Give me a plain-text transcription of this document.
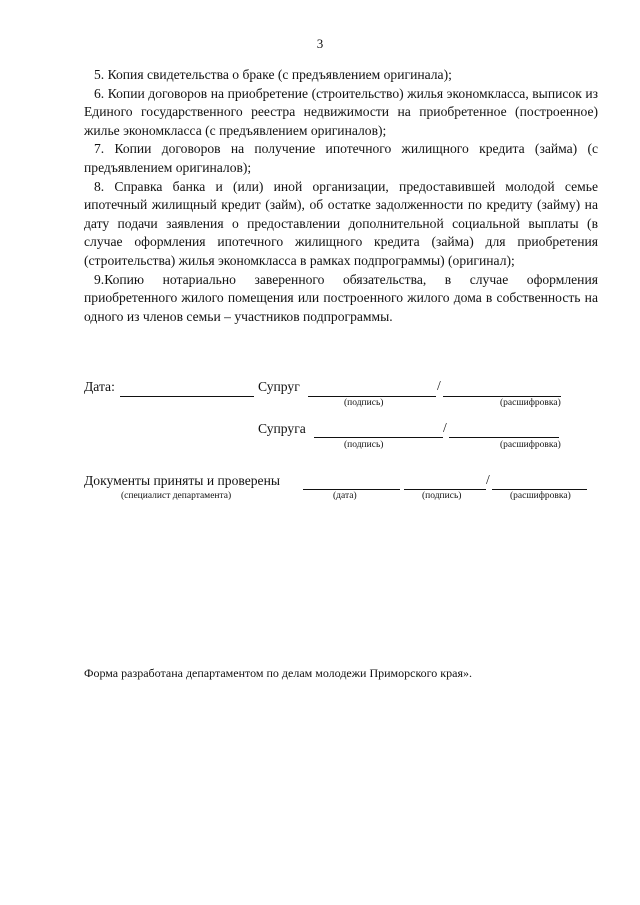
3

5. Копия свидетельства о браке (с предъявлением оригинала);

6. Копии договоров на приобретение (строительство) жилья экономкласса, выписок из Единого государственного реестра недвижимости на приобретенное (построенное) жилье экономкласса (с предъявлением оригиналов);

7. Копии договоров на получение ипотечного жилищного кредита (займа) (с предъявлением оригиналов);

8. Справка банка и (или) иной организации, предоставившей молодой семье ипотечный жилищный кредит (займ), об остатке задолженности по кредиту (займу) на дату подачи заявления о предоставлении дополнительной социальной выплаты (в случае оформления ипотечного жилищного кредита (займа) для приобретения (строительства) жилья экономкласса в рамках подпрограммы) (оригинал);

9.Копию нотариально заверенного обязательства, в случае оформления приобретенного жилого помещения или построенного жилого дома в собственность на одного из членов семьи – участников подпрограммы.

Дата:	Супруг	/
(подпись)	(расшифровка)
Супруга	/
(подпись)	(расшифровка)
Документы приняты и проверены	/
(специалист департамента)	(дата)	(подпись)	(расшифровка)
Форма разработана департаментом по делам молодежи Приморского края».
